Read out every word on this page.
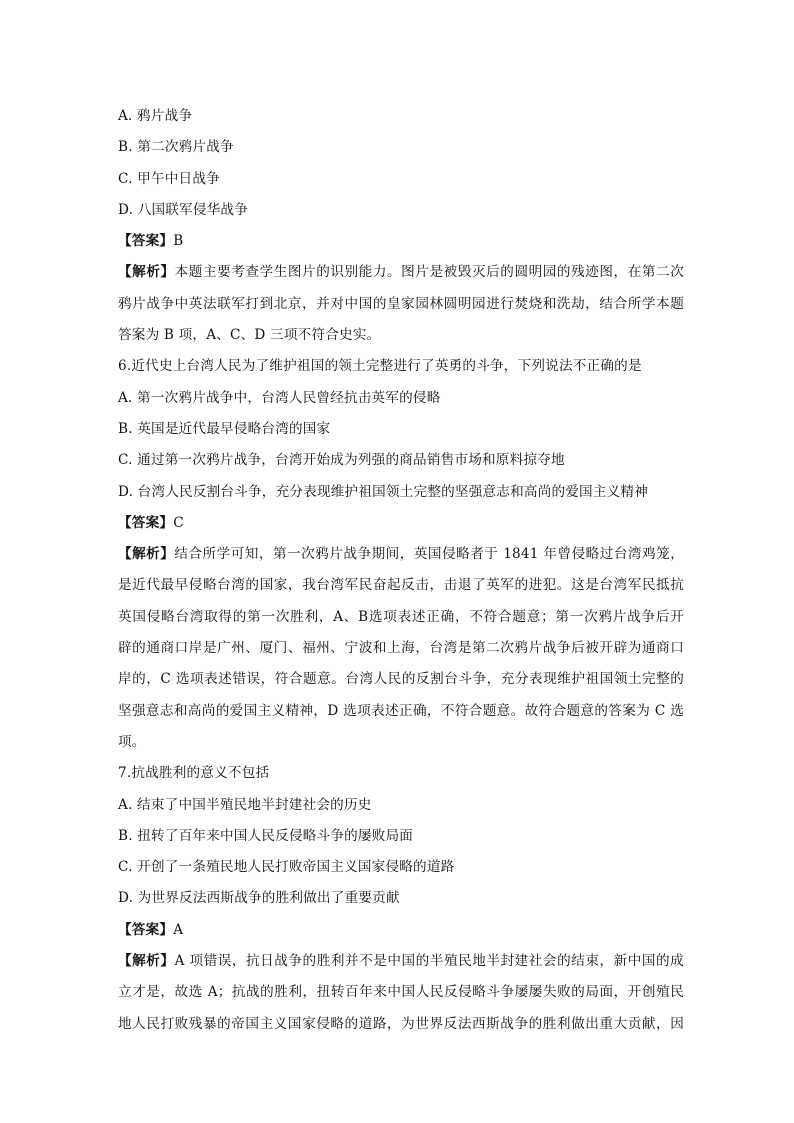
A. 鸦片战争
B. 第二次鸦片战争
C. 甲午中日战争
D. 八国联军侵华战争
【答案】B
【解析】本题主要考查学生图片的识别能力。图片是被毁灭后的圆明园的残迹图，在第二次
鸦片战争中英法联军打到北京，并对中国的皇家园林圆明园进行焚烧和洗劫，结合所学本题
答案为 B 项，A、C、D 三项不符合史实。
6.近代史上台湾人民为了维护祖国的领土完整进行了英勇的斗争，下列说法不正确的是
A. 第一次鸦片战争中，台湾人民曾经抗击英军的侵略
B. 英国是近代最早侵略台湾的国家
C. 通过第一次鸦片战争，台湾开始成为列强的商品销售市场和原料掠夺地
D. 台湾人民反割台斗争，充分表现维护祖国领土完整的坚强意志和高尚的爱国主义精神
【答案】C
【解析】结合所学可知，第一次鸦片战争期间，英国侵略者于 1841 年曾侵略过台湾鸡笼，
是近代最早侵略台湾的国家，我台湾军民奋起反击，击退了英军的进犯。这是台湾军民抵抗
英国侵略台湾取得的第一次胜利，A、B选项表述正确，不符合题意；第一次鸦片战争后开
辟的通商口岸是广州、厦门、福州、宁波和上海，台湾是第二次鸦片战争后被开辟为通商口
岸的，C 选项表述错误，符合题意。台湾人民的反割台斗争，充分表现维护祖国领土完整的
坚强意志和高尚的爱国主义精神，D 选项表述正确，不符合题意。故符合题意的答案为 C 选
项。
7.抗战胜利的意义不包括
A. 结束了中国半殖民地半封建社会的历史
B. 扭转了百年来中国人民反侵略斗争的屡败局面
C. 开创了一条殖民地人民打败帝国主义国家侵略的道路
D. 为世界反法西斯战争的胜利做出了重要贡献
【答案】A
【解析】A 项错误，抗日战争的胜利并不是中国的半殖民地半封建社会的结束，新中国的成
立才是，故选 A；抗战的胜利，扭转百年来中国人民反侵略斗争屡屡失败的局面，开创殖民
地人民打败残暴的帝国主义国家侵略的道路，为世界反法西斯战争的胜利做出重大贡献，因
